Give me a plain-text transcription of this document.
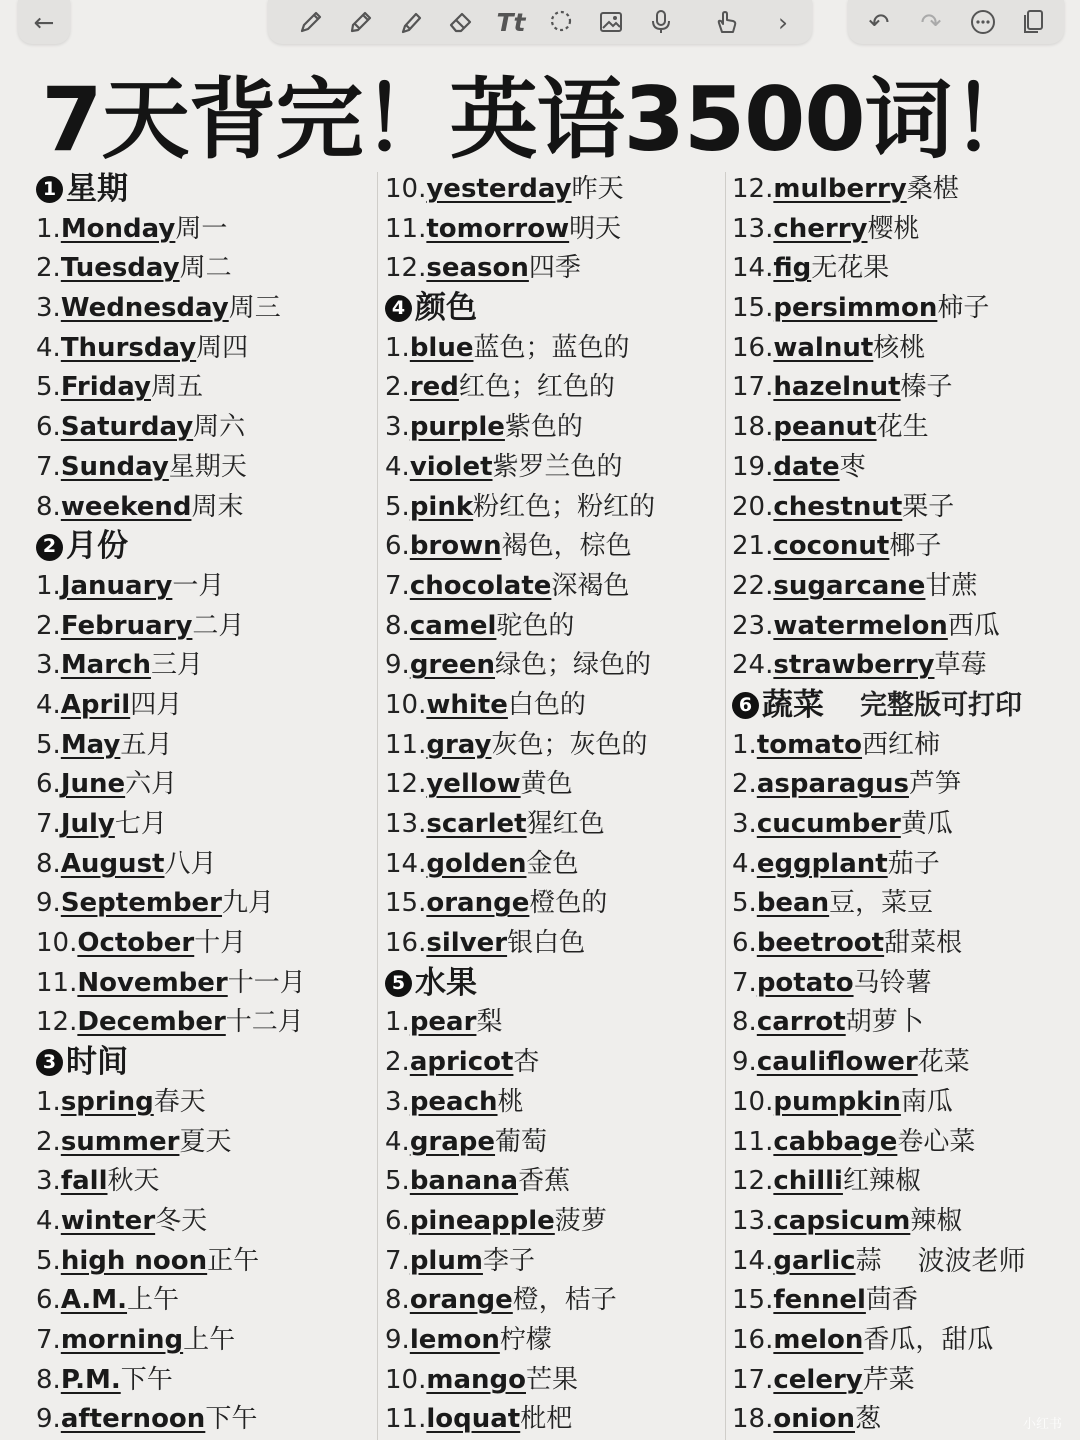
←	Tt	›	↶	↷
7天背完！英语3500词！
1 星期
1. Monday 周一
2. Tuesday 周二
3. Wednesday 周三
4. Thursday 周四
5. Friday 周五
6. Saturday 周六
7. Sunday 星期天
8. weekend 周末
2 月份
1. January 一月
2. February 二月
3. March 三月
4. April 四月
5. May 五月
6. June 六月
7. July 七月
8. August 八月
9. September 九月
10. October 十月
11. November 十一月
12. December 十二月
3 时间
1. spring 春天
2. summer 夏天
3. fall 秋天
4. winter 冬天
5. high noon 正午
6. A.M. 上午
7. morning 上午
8. P.M. 下午
9. afternoon 下午
10. yesterday 昨天
11. tomorrow 明天
12. season 四季
4 颜色
1. blue 蓝色；蓝色的
2. red 红色；红色的
3. purple 紫色的
4. violet 紫罗兰色的
5. pink 粉红色；粉红的
6. brown 褐色，棕色
7. chocolate 深褐色
8. camel 驼色的
9. green 绿色；绿色的
10. white 白色的
11. gray 灰色；灰色的
12. yellow 黄色
13. scarlet 猩红色
14. golden 金色
15. orange 橙色的
16. silver 银白色
5 水果
1. pear 梨
2. apricot 杏
3. peach 桃
4. grape 葡萄
5. banana 香蕉
6. pineapple 菠萝
7. plum 李子
8. orange 橙，桔子
9. lemon 柠檬
10. mango 芒果
11. loquat 枇杷
12. mulberry 桑椹
13. cherry 樱桃
14. fig 无花果
15. persimmon 柿子
16. walnut 核桃
17. hazelnut 榛子
18. peanut 花生
19. date 枣
20. chestnut 栗子
21. coconut 椰子
22. sugarcane 甘蔗
23. watermelon 西瓜
24. strawberry 草莓
6 蔬菜 完整版可打印
1. tomato 西红柿
2. asparagus 芦笋
3. cucumber 黄瓜
4. eggplant 茄子
5. bean 豆，菜豆
6. beetroot 甜菜根
7. potato 马铃薯
8. carrot 胡萝卜
9. cauliflower 花菜
10. pumpkin 南瓜
11. cabbage 卷心菜
12. chilli 红辣椒
13. capsicum 辣椒
14. garlic 蒜 波波老师
15. fennel 茴香
16. melon 香瓜，甜瓜
17. celery 芹菜
18. onion 葱	小红书
